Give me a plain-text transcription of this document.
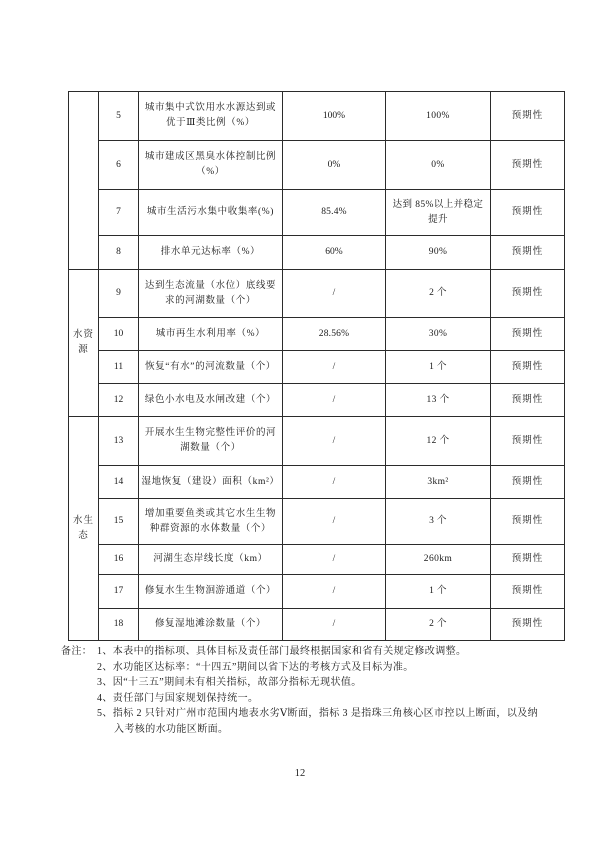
	5	城市集中式饮用水水源达到或优于Ⅲ类比例（%）	100%	100%	预期性
	6	城市建成区黑臭水体控制比例（%）	0%	0%	预期性
	7	城市生活污水集中收集率(%)	85.4%	达到 85%以上并稳定提升	预期性
	8	排水单元达标率（%）	60%	90%	预期性
水资源	9	达到生态流量（水位）底线要求的河湖数量（个）	/	2 个	预期性
	10	城市再生水利用率（%）	28.56%	30%	预期性
	11	恢复“有水”的河流数量（个）	/	1 个	预期性
	12	绿色小水电及水闸改建（个）	/	13 个	预期性
水生态	13	开展水生生物完整性评价的河湖数量（个）	/	12 个	预期性
	14	湿地恢复（建设）面积（km²）	/	3km²	预期性
	15	增加重要鱼类或其它水生生物种群资源的水体数量（个）	/	3 个	预期性
	16	河湖生态岸线长度（km）	/	260km	预期性
	17	修复水生生物洄游通道（个）	/	1 个	预期性
	18	修复湿地滩涂数量（个）	/	2 个	预期性
备注： 1、本表中的指标项、具体目标及责任部门最终根据国家和省有关规定修改调整。
2、水功能区达标率：“十四五”期间以省下达的考核方式及目标为准。
3、因“十三五”期间未有相关指标，故部分指标无现状值。
4、责任部门与国家规划保持统一。
5、指标 2 只针对广州市范围内地表水劣Ⅴ断面，指标 3 是指珠三角核心区市控以上断面，以及纳入考核的水功能区断面。
12
